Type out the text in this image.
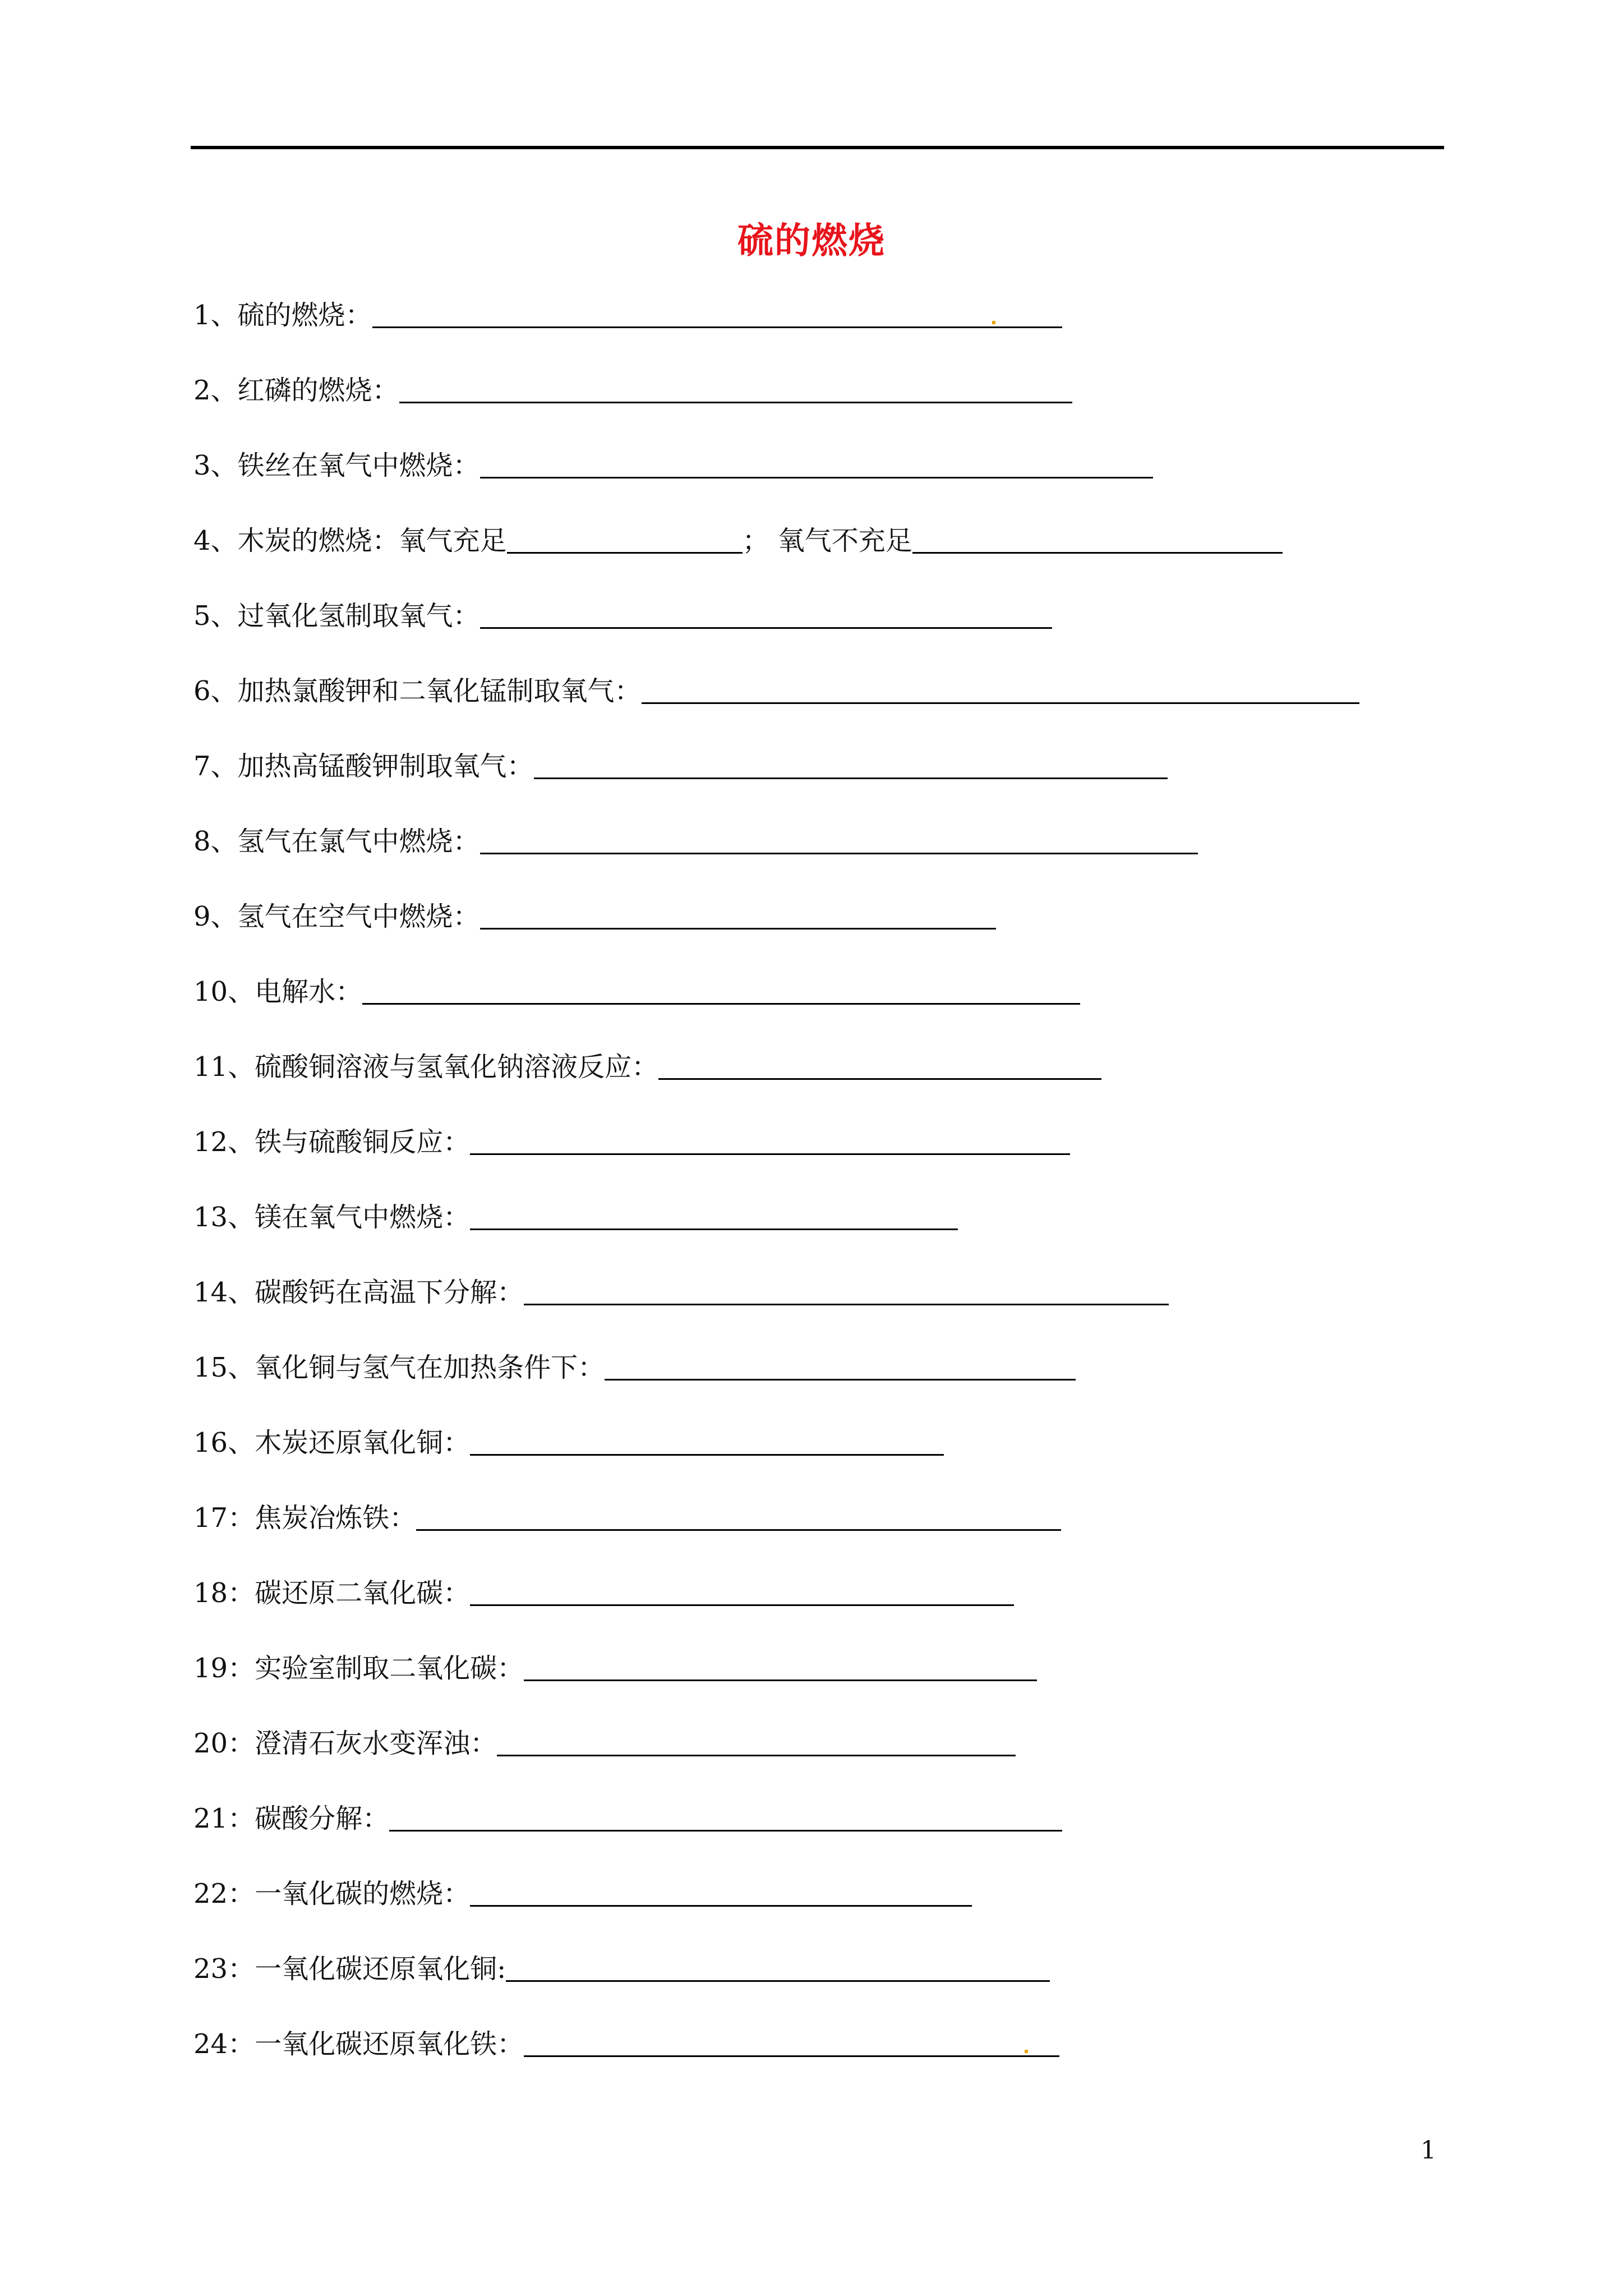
硫的燃烧
1、硫的燃烧：
2、红磷的燃烧：
3、铁丝在氧气中燃烧：
4、木炭的燃烧：氧气充足	； 氧气不充足
5、过氧化氢制取氧气：
6、加热氯酸钾和二氧化锰制取氧气：
7、加热高锰酸钾制取氧气：
8、氢气在氯气中燃烧：
9、氢气在空气中燃烧：
10、电解水：
11、硫酸铜溶液与氢氧化钠溶液反应：
12、铁与硫酸铜反应：
13、镁在氧气中燃烧：
14、碳酸钙在高温下分解：
15、氧化铜与氢气在加热条件下：
16、木炭还原氧化铜：
17：焦炭冶炼铁：
18：碳还原二氧化碳：
19：实验室制取二氧化碳：
20：澄清石灰水变浑浊：
21：碳酸分解：
22：一氧化碳的燃烧：
23：一氧化碳还原氧化铜:
24：一氧化碳还原氧化铁：
1
